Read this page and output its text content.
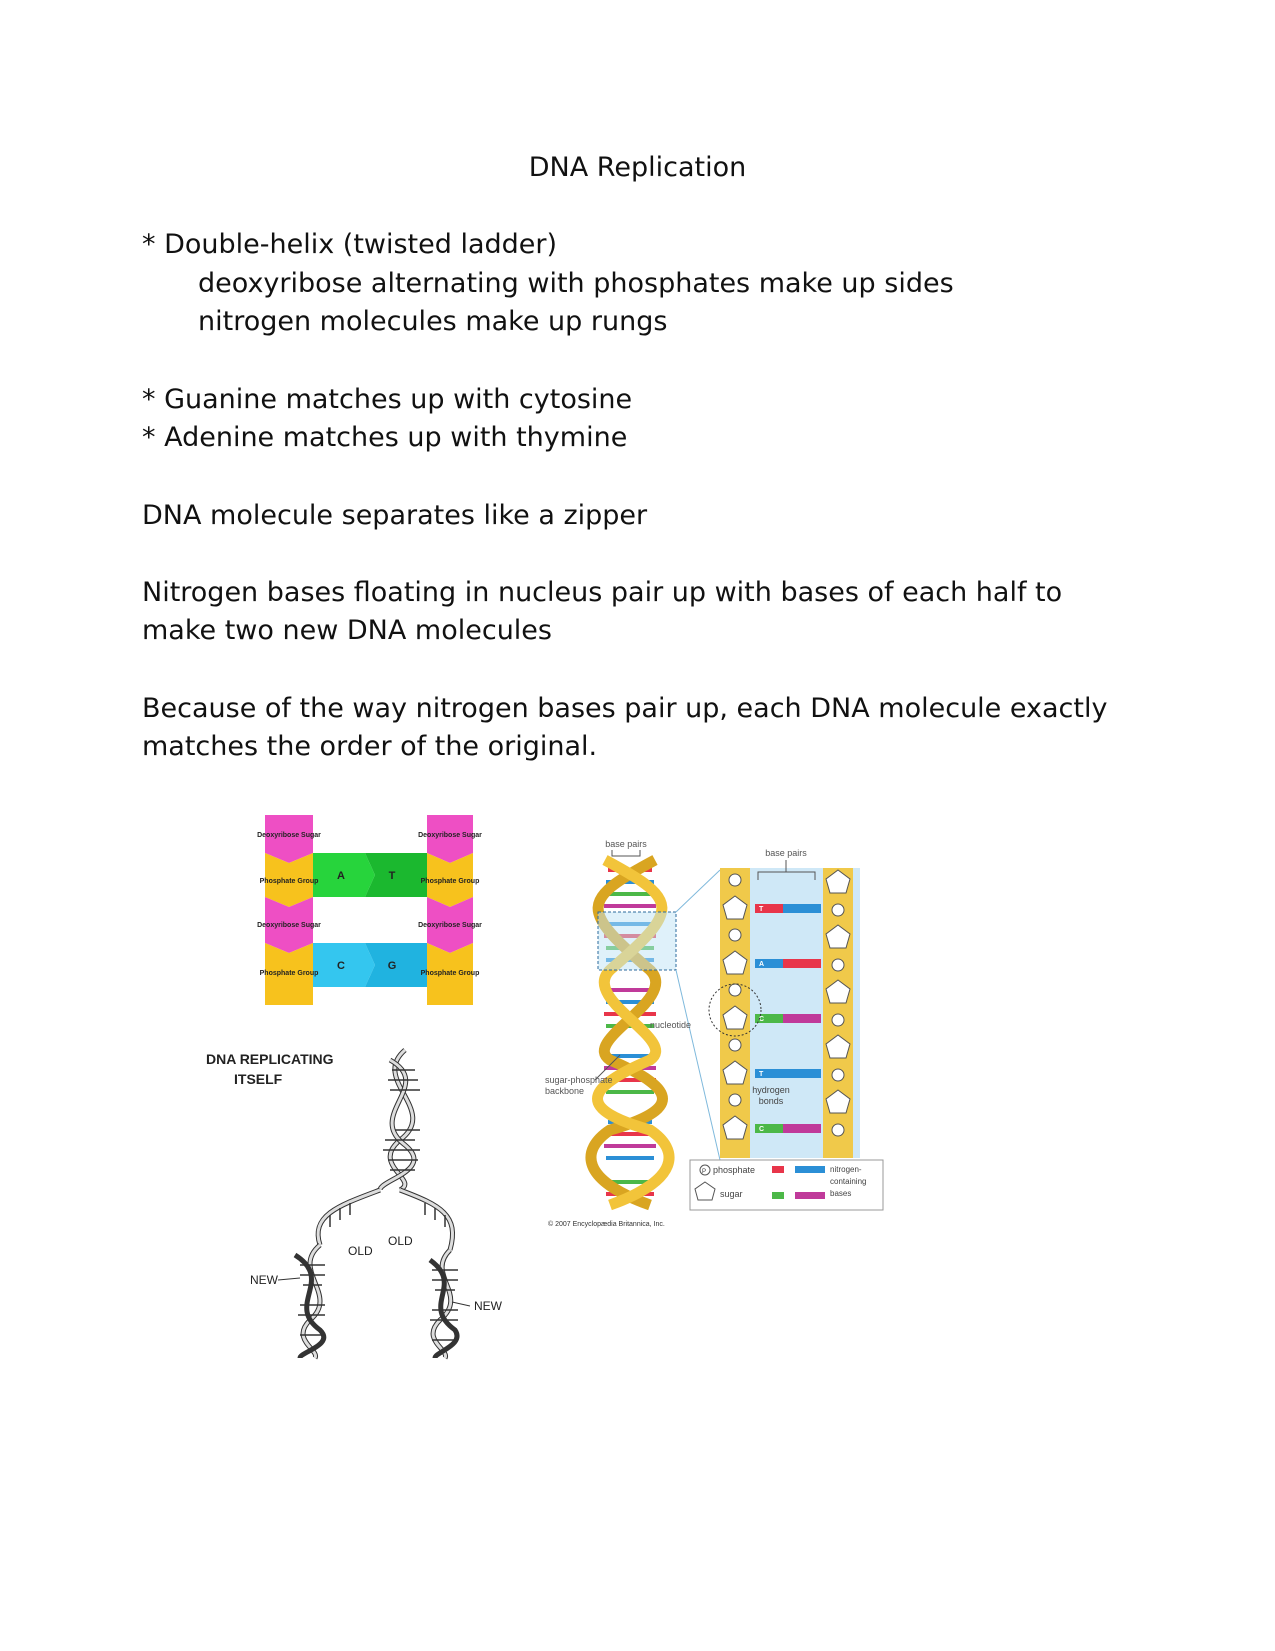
DNA Replication
* Double-helix (twisted ladder)
deoxyribose alternating with phosphates make up sides
nitrogen molecules make up rungs
* Guanine matches up with cytosine
* Adenine matches up with thymine
DNA molecule separates like a zipper
Nitrogen bases floating in nucleus pair up with bases of each half to
make two new DNA molecules
Because of the way nitrogen bases pair up, each DNA molecule exactly
matches the order of the original.
Deoxyribose Sugar
Phosphate Group
Deoxyribose Sugar
Phosphate Group
Deoxyribose Sugar
Phosphate Group
Deoxyribose Sugar
Phosphate Group
A	T
C	G
DNA REPLICATING
ITSELF
OLD
OLD
NEW
NEW
base pairs
sugar-phosphate
backbone
nucleotide
base pairs
T
A
C
T
C
hydrogen
bonds
P phosphate
sugar
nitrogen-
containing
bases
© 2007 Encyclopædia Britannica, Inc.
